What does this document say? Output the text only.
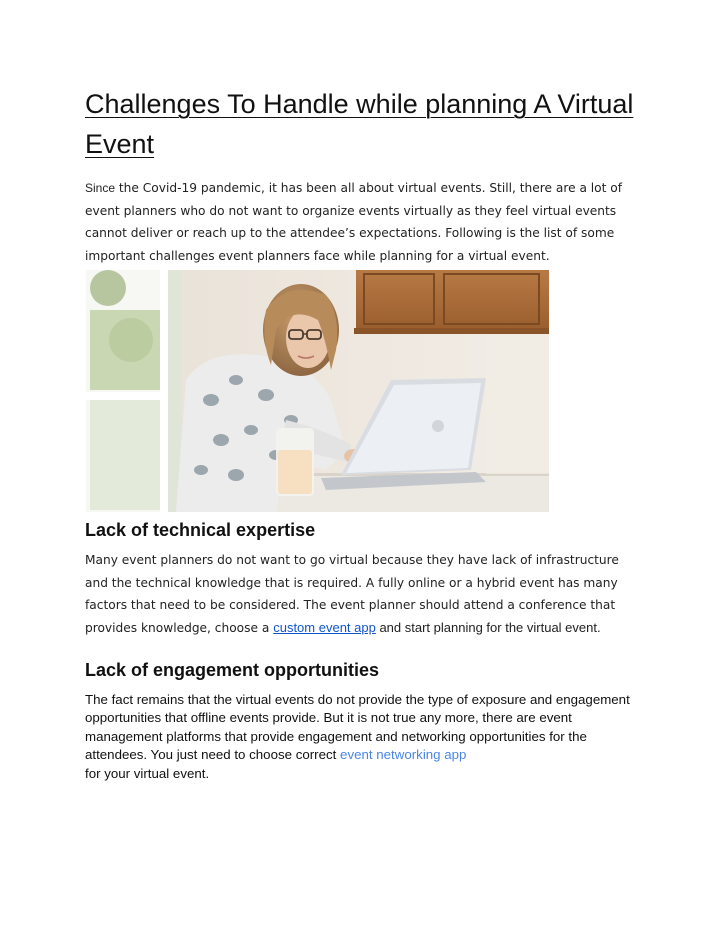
Challenges To Handle while planning A Virtual Event

Since the Covid-19 pandemic, it has been all about virtual events. Still, there are a lot of event planners who do not want to organize events virtually as they feel virtual events cannot deliver or reach up to the attendee’s expectations. Following is the list of some important challenges event planners face while planning for a virtual event.

Lack of technical expertise

Many event planners do not want to go virtual because they have lack of infrastructure and the technical knowledge that is required. A fully online or a hybrid event has many factors that need to be considered. The event planner should attend a conference that provides knowledge, choose a custom event app and start planning for the virtual event.

Lack of engagement opportunities

The fact remains that the virtual events do not provide the type of exposure and engagement opportunities that offline events provide. But it is not true any more, there are event management platforms that provide engagement and networking opportunities for the attendees. You just need to choose correct event networking app
for your virtual event.
